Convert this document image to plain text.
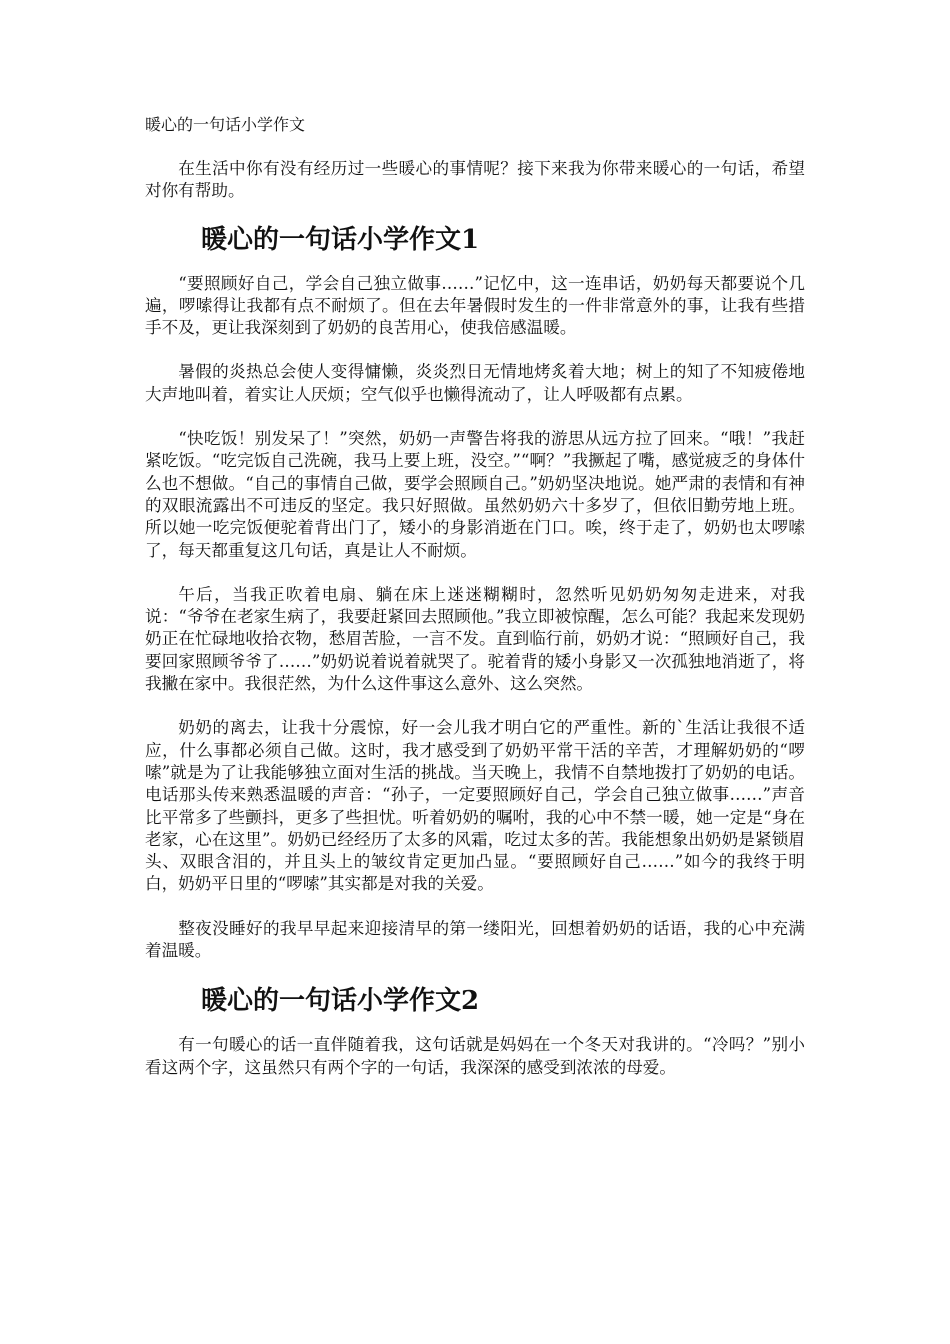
暖心的一句话小学作文

在生活中你有没有经历过一些暖心的事情呢？接下来我为你带来暖心的一句话，希望对你有帮助。

暖心的一句话小学作文1

“要照顾好自己，学会自己独立做事……”记忆中，这一连串话，奶奶每天都要说个几遍，啰嗦得让我都有点不耐烦了。但在去年暑假时发生的一件非常意外的事，让我有些措手不及，更让我深刻到了奶奶的良苦用心，使我倍感温暖。

暑假的炎热总会使人变得慵懒，炎炎烈日无情地烤炙着大地；树上的知了不知疲倦地大声地叫着，着实让人厌烦；空气似乎也懒得流动了，让人呼吸都有点累。

“快吃饭！别发呆了！”突然，奶奶一声警告将我的游思从远方拉了回来。“哦！”我赶紧吃饭。“吃完饭自己洗碗，我马上要上班，没空。”“啊？”我撅起了嘴，感觉疲乏的身体什么也不想做。“自己的事情自己做，要学会照顾自己。”奶奶坚决地说。她严肃的表情和有神的双眼流露出不可违反的坚定。我只好照做。虽然奶奶六十多岁了，但依旧勤劳地上班。所以她一吃完饭便驼着背出门了，矮小的身影消逝在门口。唉，终于走了，奶奶也太啰嗦了，每天都重复这几句话，真是让人不耐烦。

午后，当我正吹着电扇、躺在床上迷迷糊糊时，忽然听见奶奶匆匆走进来，对我说：“爷爷在老家生病了，我要赶紧回去照顾他。”我立即被惊醒，怎么可能？我起来发现奶奶正在忙碌地收拾衣物，愁眉苦脸，一言不发。直到临行前，奶奶才说：“照顾好自己，我要回家照顾爷爷了……”奶奶说着说着就哭了。驼着背的矮小身影又一次孤独地消逝了，将我撇在家中。我很茫然，为什么这件事这么意外、这么突然。

奶奶的离去，让我十分震惊，好一会儿我才明白它的严重性。新的`生活让我很不适应，什么事都必须自己做。这时，我才感受到了奶奶平常干活的辛苦，才理解奶奶的“啰嗦”就是为了让我能够独立面对生活的挑战。当天晚上，我情不自禁地拨打了奶奶的电话。电话那头传来熟悉温暖的声音：“孙子，一定要照顾好自己，学会自己独立做事……”声音比平常多了些颤抖，更多了些担忧。听着奶奶的嘱咐，我的心中不禁一暖，她一定是“身在老家，心在这里”。奶奶已经经历了太多的风霜，吃过太多的苦。我能想象出奶奶是紧锁眉头、双眼含泪的，并且头上的皱纹肯定更加凸显。“要照顾好自己……”如今的我终于明白，奶奶平日里的“啰嗦”其实都是对我的关爱。

整夜没睡好的我早早起来迎接清早的第一缕阳光，回想着奶奶的话语，我的心中充满着温暖。

暖心的一句话小学作文2

有一句暖心的话一直伴随着我，这句话就是妈妈在一个冬天对我讲的。“冷吗？”别小看这两个字，这虽然只有两个字的一句话，我深深的感受到浓浓的母爱。
